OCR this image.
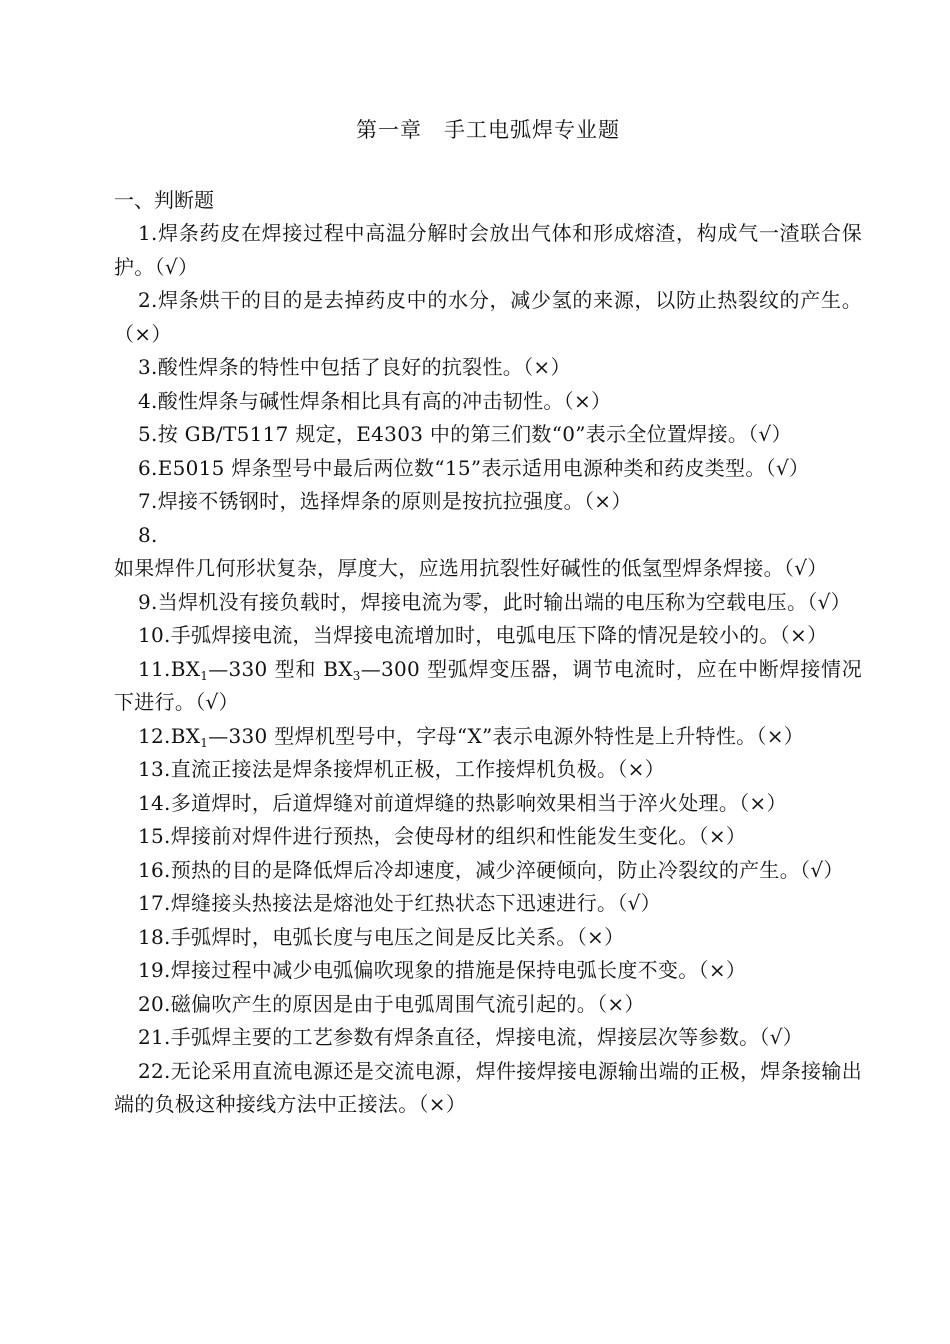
第一章　手工电弧焊专业题
一、判断题

1.焊条药皮在焊接过程中高温分解时会放出气体和形成熔渣，构成气一渣联合保护。（√）

2.焊条烘干的目的是去掉药皮中的水分，减少氢的来源，以防止热裂纹的产生。（×）

3.酸性焊条的特性中包括了良好的抗裂性。（×）

4.酸性焊条与碱性焊条相比具有高的冲击韧性。（×）

5.按 GB/T5117 规定，E4303 中的第三们数“0”表示全位置焊接。（√）

6.E5015 焊条型号中最后两位数“15”表示适用电源种类和药皮类型。（√）

7.焊接不锈钢时，选择焊条的原则是按抗拉强度。（×）

8.如果焊件几何形状复杂，厚度大，应选用抗裂性好碱性的低氢型焊条焊接。（√）

9.当焊机没有接负载时，焊接电流为零，此时输出端的电压称为空载电压。（√）

10.手弧焊接电流，当焊接电流增加时，电弧电压下降的情况是较小的。（×）

$11.BX_1—330$ 型和 $BX_3—300$ 型弧焊变压器，调节电流时，应在中断焊接情况下进行。（√）

$12.BX_1—330$ 型焊机型号中，字母“X”表示电源外特性是上升特性。（×）

13.直流正接法是焊条接焊机正极，工作接焊机负极。（×）

14.多道焊时，后道焊缝对前道焊缝的热影响效果相当于淬火处理。（×）

15.焊接前对焊件进行预热，会使母材的组织和性能发生变化。（×）

16.预热的目的是降低焊后冷却速度，减少淬硬倾向，防止冷裂纹的产生。（√）

17.焊缝接头热接法是熔池处于红热状态下迅速进行。（√）

18.手弧焊时，电弧长度与电压之间是反比关系。（×）

19.焊接过程中减少电弧偏吹现象的措施是保持电弧长度不变。（×）

20.磁偏吹产生的原因是由于电弧周围气流引起的。（×）

21.手弧焊主要的工艺参数有焊条直径，焊接电流，焊接层次等参数。（√）

22.无论采用直流电源还是交流电源，焊件接焊接电源输出端的正极，焊条接输出端的负极这种接线方法中正接法。（×）
